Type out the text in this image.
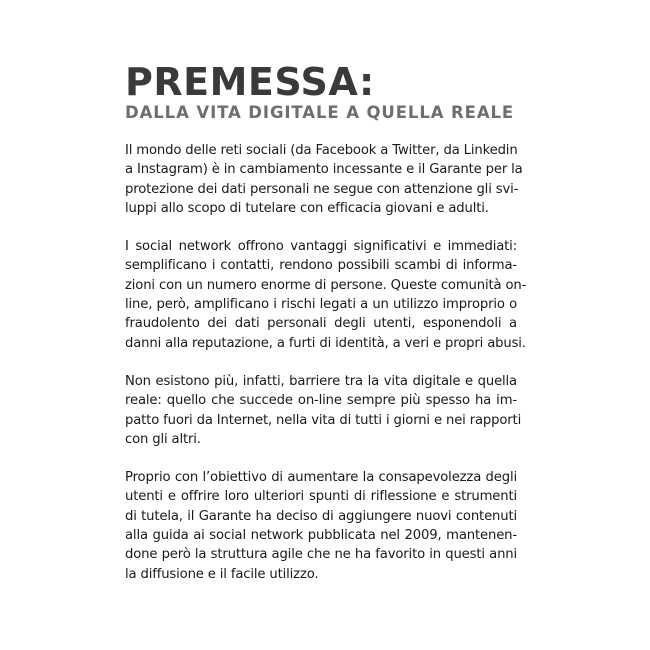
PREMESSA:
DALLA VITA DIGITALE A QUELLA REALE

Il mondo delle reti sociali (da Facebook a Twitter, da Linkedin
a Instagram) è in cambiamento incessante e il Garante per la
protezione dei dati personali ne segue con attenzione gli svi-
luppi allo scopo di tutelare con efficacia giovani e adulti.

I social network offrono vantaggi significativi e immediati:
semplificano i contatti, rendono possibili scambi di informa-
zioni con un numero enorme di persone. Queste comunità on-
line, però, amplificano i rischi legati a un utilizzo improprio o
fraudolento dei dati personali degli utenti, esponendoli a
danni alla reputazione, a furti di identità, a veri e propri abusi.

Non esistono più, infatti, barriere tra la vita digitale e quella
reale: quello che succede on-line sempre più spesso ha im-
patto fuori da Internet, nella vita di tutti i giorni e nei rapporti
con gli altri.

Proprio con l’obiettivo di aumentare la consapevolezza degli
utenti e offrire loro ulteriori spunti di riflessione e strumenti
di tutela, il Garante ha deciso di aggiungere nuovi contenuti
alla guida ai social network pubblicata nel 2009, mantenen-
done però la struttura agile che ne ha favorito in questi anni
la diffusione e il facile utilizzo.
